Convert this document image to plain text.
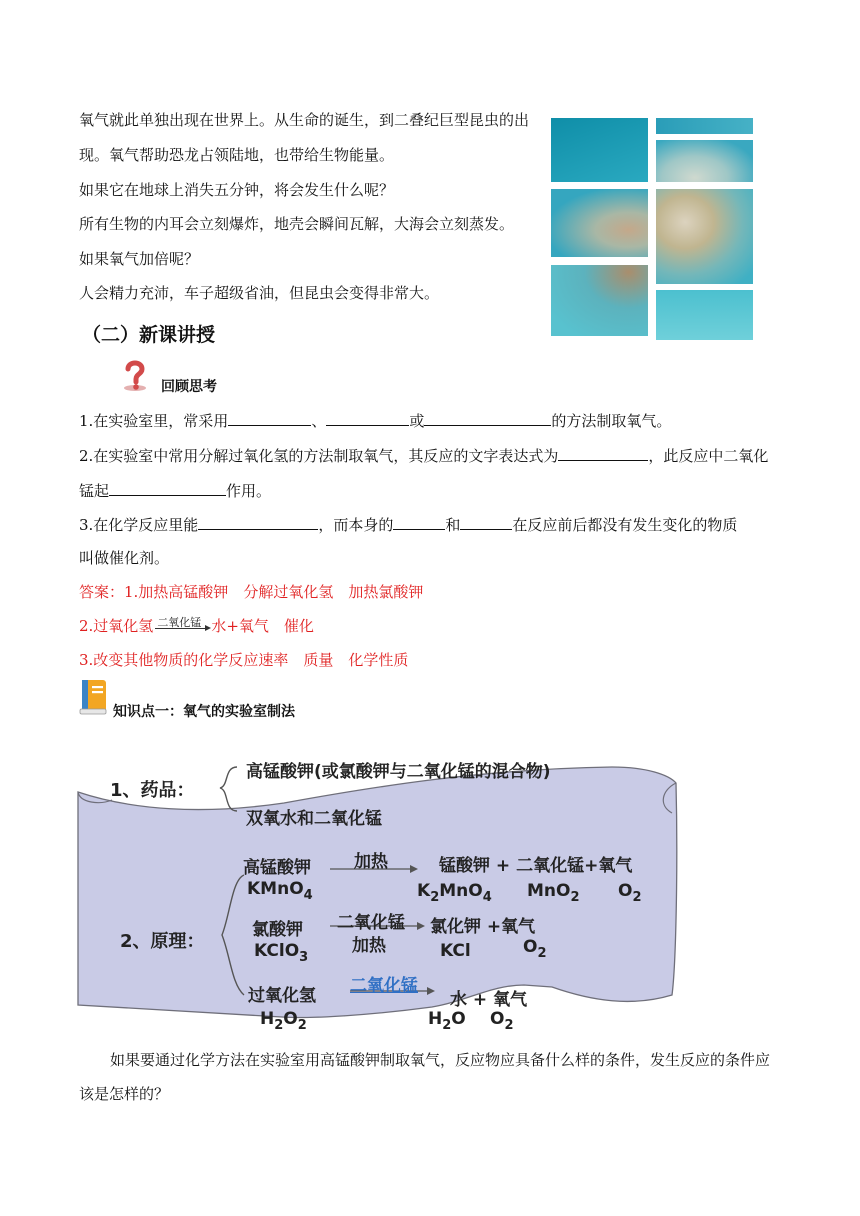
氧气就此单独出现在世界上。从生命的诞生，到二叠纪巨型昆虫的出
现。氧气帮助恐龙占领陆地，也带给生物能量。
如果它在地球上消失五分钟，将会发生什么呢？
所有生物的内耳会立刻爆炸，地壳会瞬间瓦解，大海会立刻蒸发。
如果氧气加倍呢？
人会精力充沛，车子超级省油，但昆虫会变得非常大。
（二）新课讲授
回顾思考
1.在实验室里，常采用	、	或	的方法制取氧气。
2.在实验室中常用分解过氧化氢的方法制取氧气，其反应的文字表达式为	，此反应中二氧化
锰起	作用。
3.在化学反应里能	，而本身的	和	在反应前后都没有发生变化的物质
叫做催化剂。
答案：1.加热高锰酸钾　分解过氧化氢　加热氯酸钾
2.过氧化氢 二氧化锰 水+氧气　催化
3.改变其他物质的化学反应速率　质量　化学性质
知识点一：氧气的实验室制法
1、药品：
高锰酸钾(或氯酸钾与二氧化锰的混合物)
双氧水和二氧化锰
2、原理：
高锰酸钾	加热	锰酸钾 + 二氧化锰+氧气
KMnO$_4$	$K_2MnO_4$ MnO$_2$ $O_2$
氯酸钾 二氧化锰
加热
氯化钾 +氧气
KClO$_3$	KCl	$O_2$
过氧化氢 二氧化锰
水 + 氧气
$H_2O_2$	$H_2O$ $O_2$
如果要通过化学方法在实验室用高锰酸钾制取氧气，反应物应具备什么样的条件，发生反应的条件应
该是怎样的？
